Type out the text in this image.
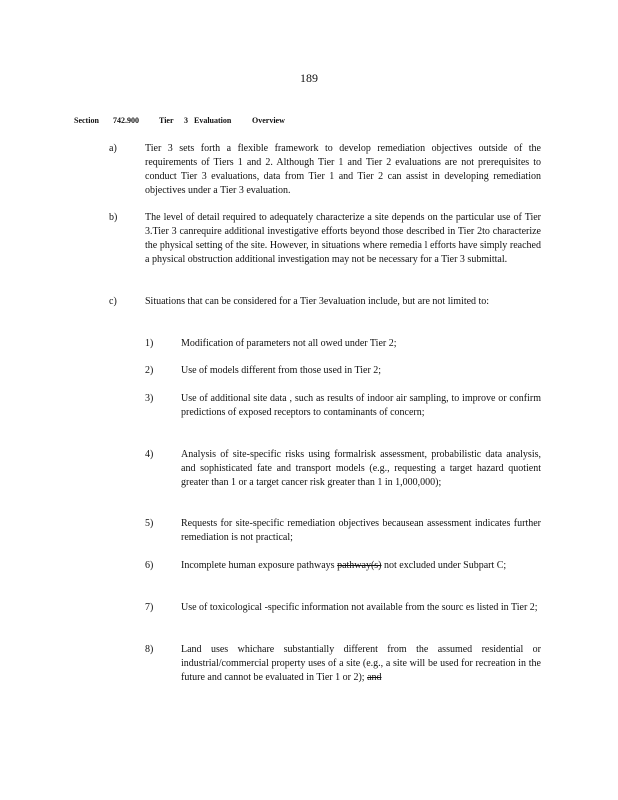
189
Section 742.900	Tier 3 Evaluation	Overview
a)	Tier 3 sets forth a flexible framework to develop remediation objectives outside of the requirements of Tiers 1 and 2. Although Tier 1 and Tier 2 evaluations are not prerequisites to conduct Tier 3 evaluations, data from Tier 1 and Tier 2 can assist in developing remediation objectives under a Tier 3 evaluation.
b)	The level of detail required to adequately characterize a site depends on the particular use of Tier 3.Tier 3 canrequire additional investigative efforts beyond those described in Tier 2to characterize the physical setting of the site. However, in situations where remedia l efforts have simply reached a physical obstruction additional investigation may not be necessary for a Tier 3 submittal.
c)	Situations that can be considered for a Tier 3evaluation include, but are not limited to:
1)	Modification of parameters not all owed under Tier 2;
2)	Use of models different from those used in Tier 2;
3)	Use of additional site data , such as results of indoor air sampling, to improve or confirm predictions of exposed receptors to contaminants of concern;
4)	Analysis of site-specific risks using formalrisk assessment, probabilistic data analysis, and sophisticated fate and transport models (e.g., requesting a target hazard quotient greater than 1 or a target cancer risk greater than 1 in 1,000,000);
5)	Requests for site-specific remediation objectives becausean assessment indicates further remediation is not practical;
6)	Incomplete human exposure pathways pathway(s) not excluded under Subpart C;
7)	Use of toxicological -specific information not available from the sourc es listed in Tier 2;
8)	Land uses whichare substantially different from the assumed residential or industrial/commercial property uses of a site (e.g., a site will be used for recreation in the future and cannot be evaluated in Tier 1 or 2); and
